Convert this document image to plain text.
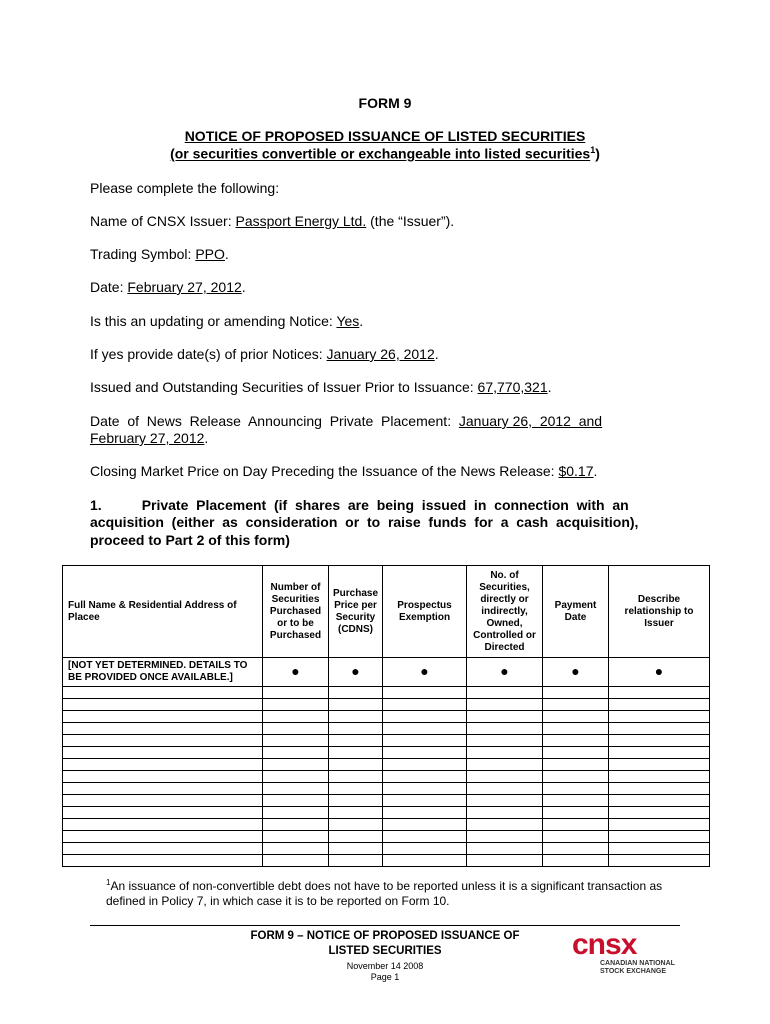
FORM 9
NOTICE OF PROPOSED ISSUANCE OF LISTED SECURITIES
(or securities convertible or exchangeable into listed securities$^1$)
Please complete the following:
Name of CNSX Issuer: Passport Energy Ltd. (the “Issuer”).
Trading Symbol: PPO.
Date: February 27, 2012.
Is this an updating or amending Notice: Yes.
If yes provide date(s) of prior Notices: January 26, 2012.
Issued and Outstanding Securities of Issuer Prior to Issuance: 67,770,321.
Date  of  News  Release  Announcing  Private  Placement:  January 26,  2012  and
February 27, 2012.
Closing Market Price on Day Preceding the Issuance of the News Release: $0.17.
1.	Private  Placement  (if  shares  are  being  issued  in  connection  with  an
acquisition  (either  as  consideration  or  to  raise  funds  for  a  cash  acquisition),
proceed to Part 2 of this form)
Full Name & Residential Address of Placee	Number of Securities Purchased or to be Purchased	Purchase Price per Security (CDNS)	Prospectus Exemption	No. of Securities, directly or indirectly, Owned, Controlled or Directed	Payment Date	Describe relationship to Issuer
[NOT YET DETERMINED. DETAILS TO BE PROVIDED ONCE AVAILABLE.]	●	●	●	●	●	●

$^1$An issuance of non-convertible debt does not have to be reported unless it is a significant transaction as
defined in Policy 7, in which case it is to be reported on Form 10.
FORM 9 – NOTICE OF PROPOSED ISSUANCE OF
LISTED SECURITIES
November 14 2008
Page 1
cnsx
CANADIAN NATIONAL
STOCK EXCHANGE
